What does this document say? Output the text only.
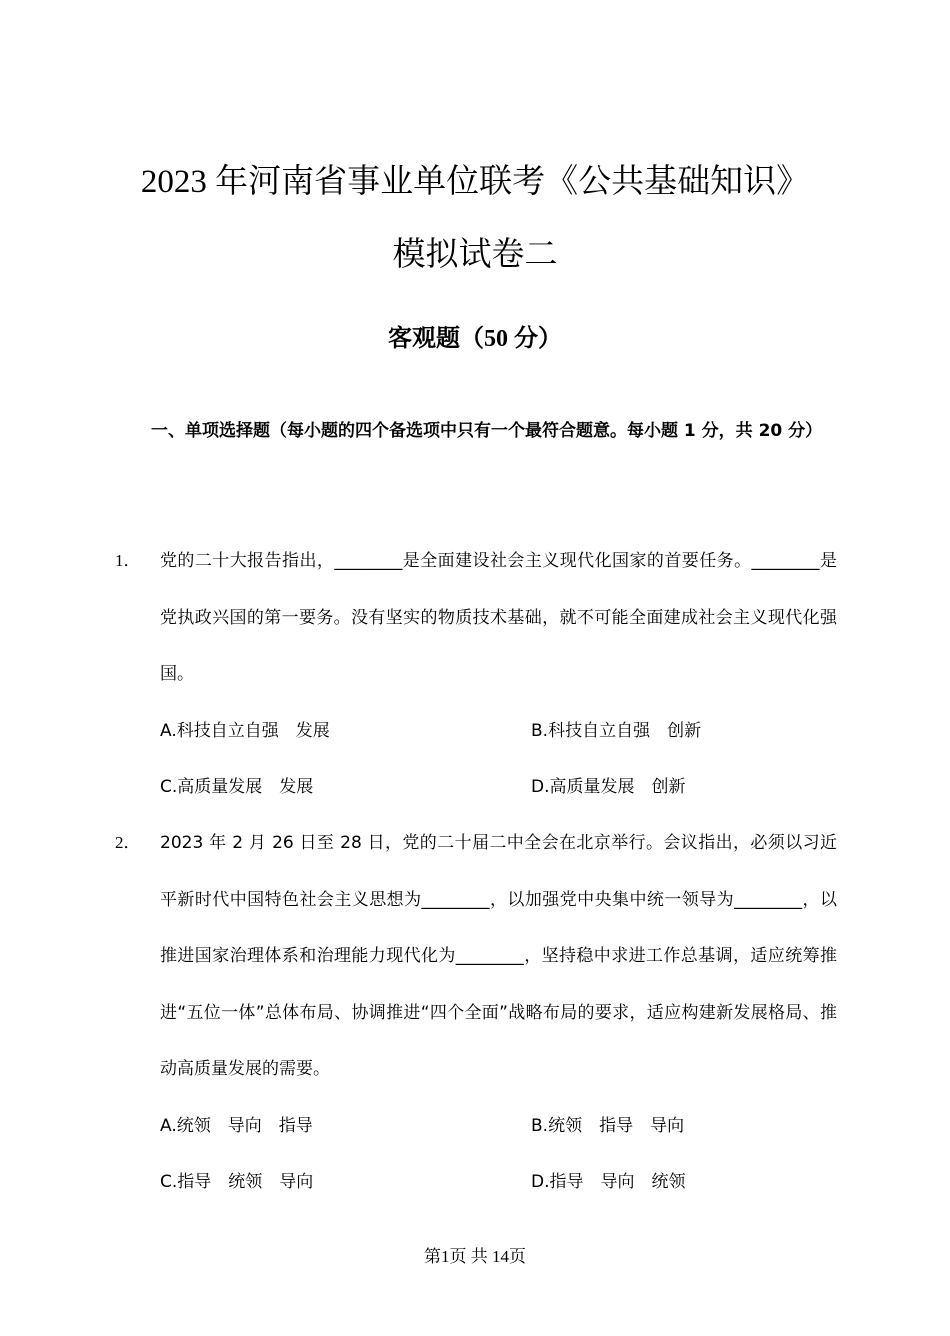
2023 年河南省事业单位联考《公共基础知识》
模拟试卷二
客观题（50 分）

一、单项选择题（每小题的四个备选项中只有一个最符合题意。每小题 1 分，共 20 分）

1．	党的二十大报告指出，________是全面建设社会主义现代化国家的首要任务。________是党执政兴国的第一要务。没有坚实的物质技术基础，就不可能全面建成社会主义现代化强国。
A.科技自立自强　发展	B.科技自立自强　创新
C.高质量发展　发展	D.高质量发展　创新
2．	2023 年 2 月 26 日至 28 日，党的二十届二中全会在北京举行。会议指出，必须以习近平新时代中国特色社会主义思想为________，以加强党中央集中统一领导为________，以推进国家治理体系和治理能力现代化为________，坚持稳中求进工作总基调，适应统筹推进“五位一体”总体布局、协调推进“四个全面”战略布局的要求，适应构建新发展格局、推动高质量发展的需要。
A.统领　导向　指导	B.统领　指导　导向
C.指导　统领　导向	D.指导　导向　统领
第1页 共 14页
